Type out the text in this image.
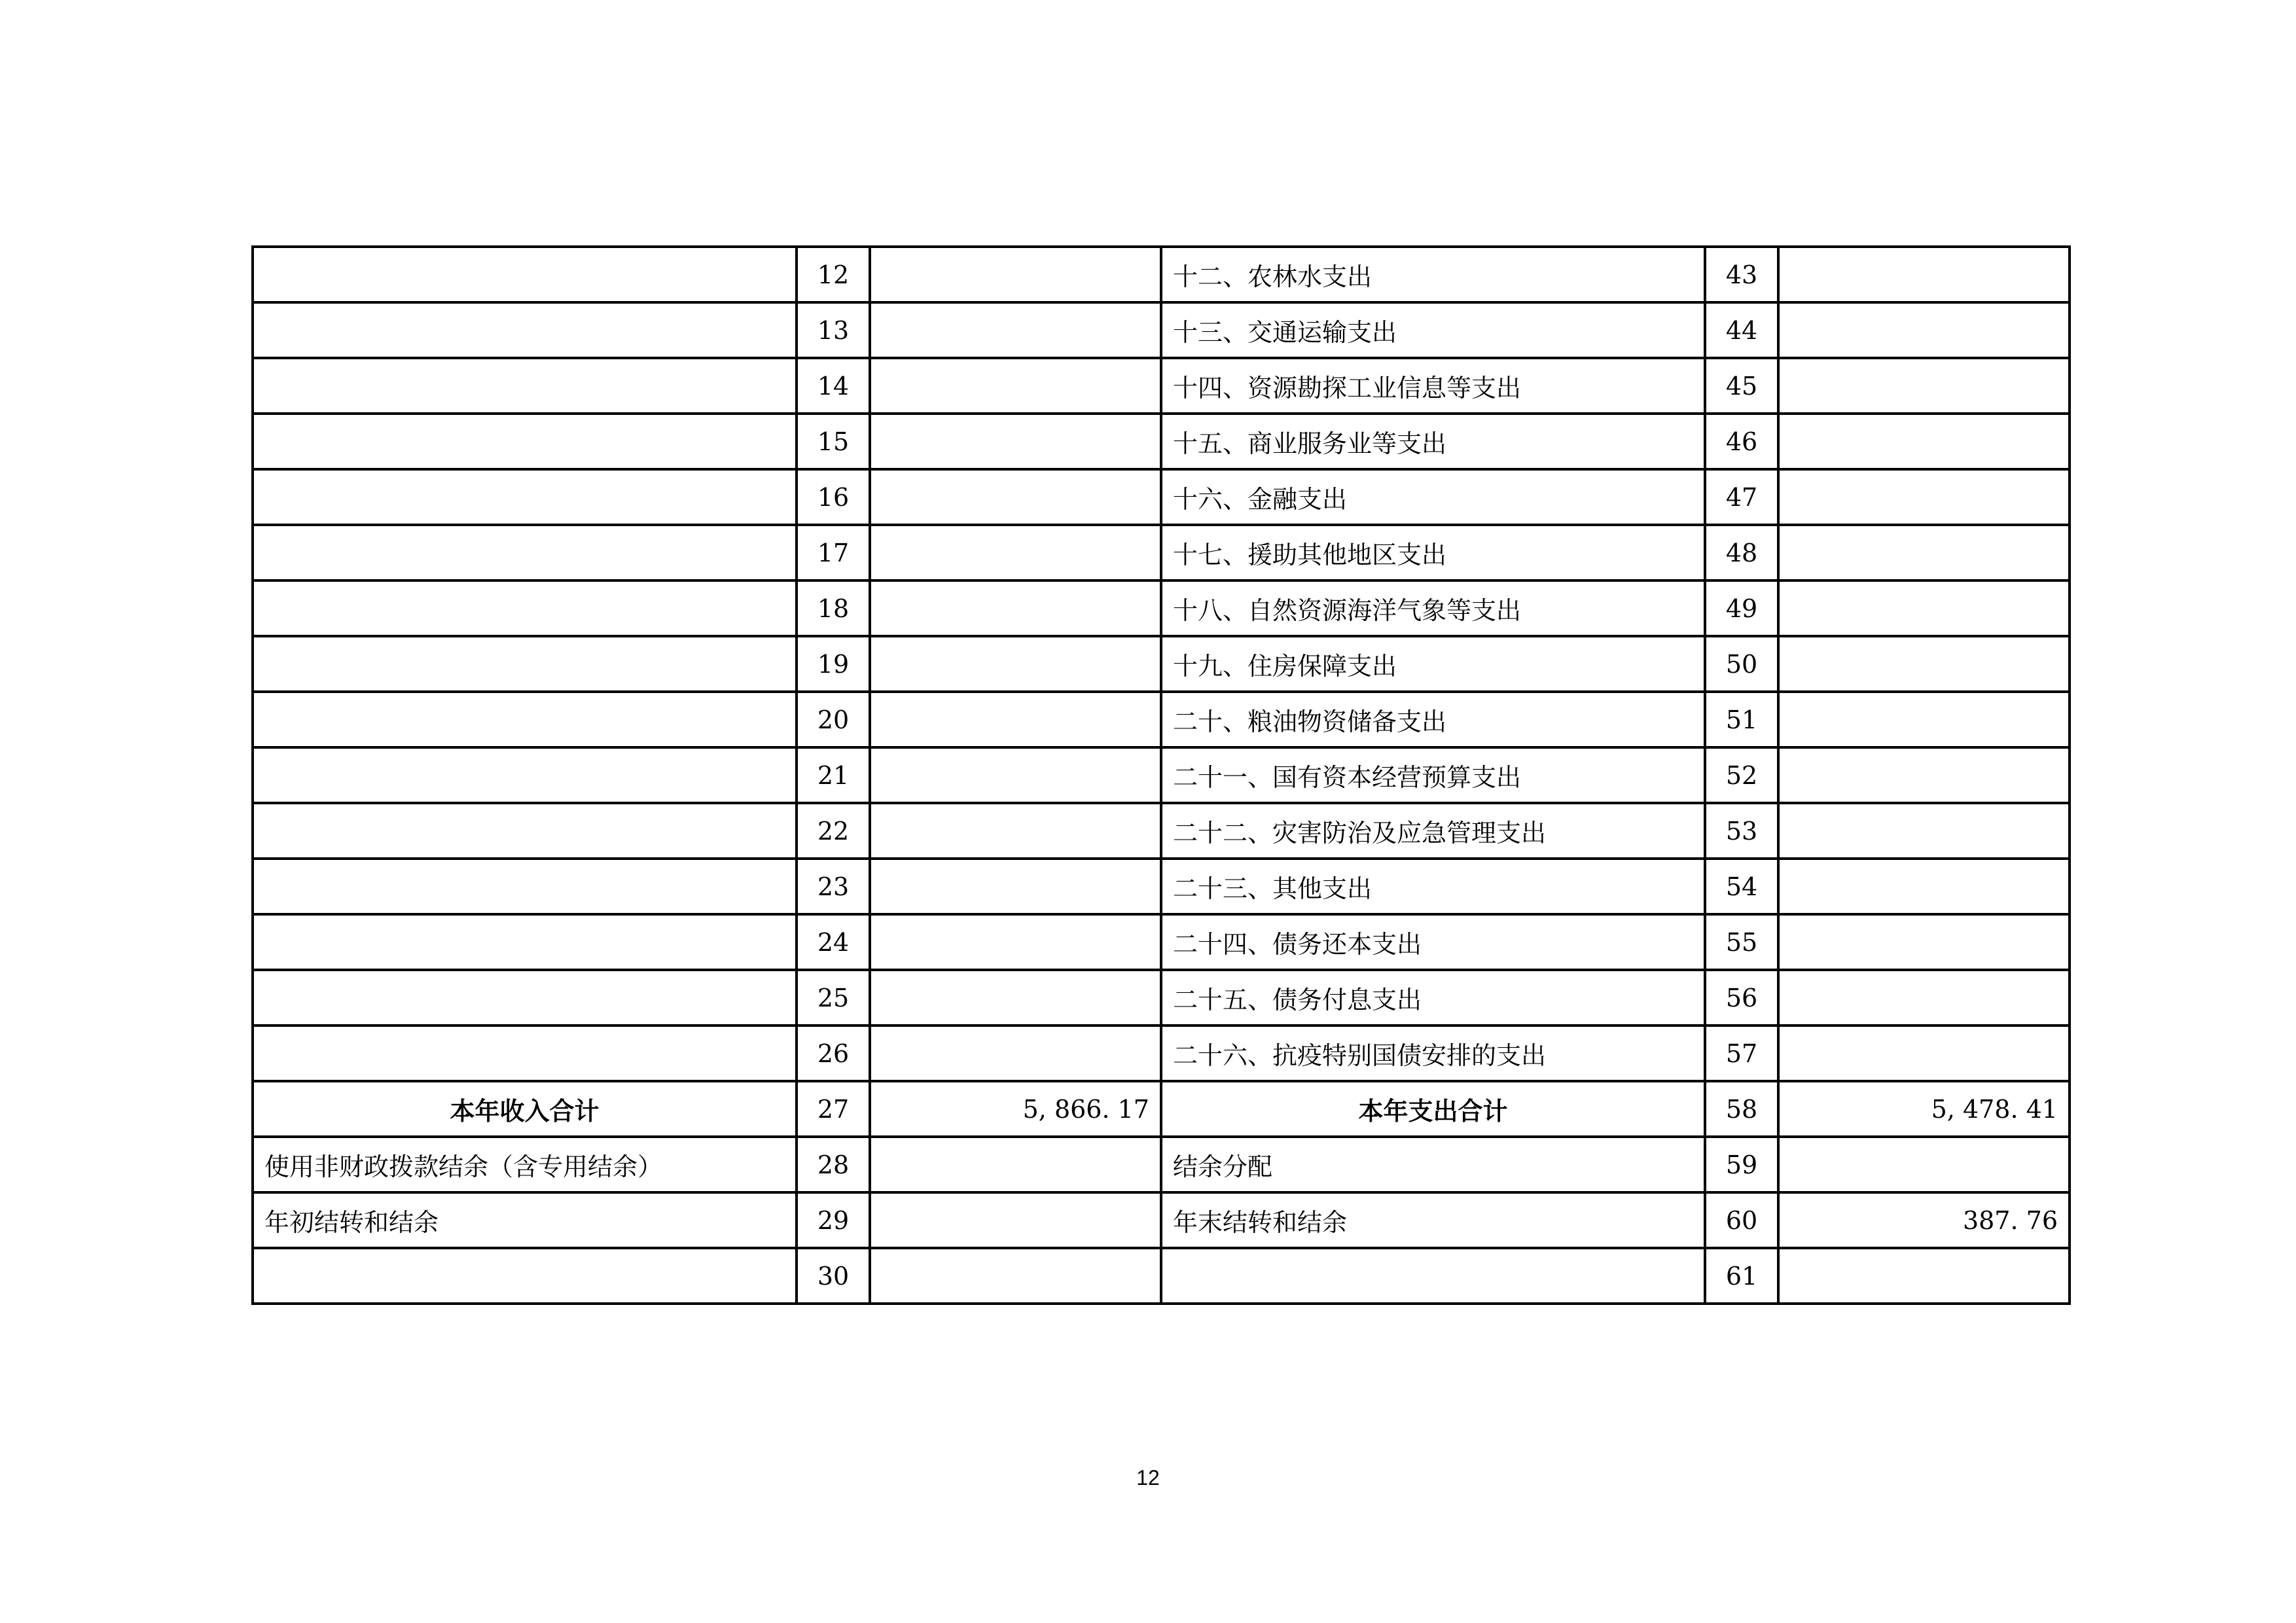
	12		十二、农林水支出	43	
	13		十三、交通运输支出	44	
	14		十四、资源勘探工业信息等支出	45	
	15		十五、商业服务业等支出	46	
	16		十六、金融支出	47	
	17		十七、援助其他地区支出	48	
	18		十八、自然资源海洋气象等支出	49	
	19		十九、住房保障支出	50	
	20		二十、粮油物资储备支出	51	
	21		二十一、国有资本经营预算支出	52	
	22		二十二、灾害防治及应急管理支出	53	
	23		二十三、其他支出	54	
	24		二十四、债务还本支出	55	
	25		二十五、债务付息支出	56	
	26		二十六、抗疫特别国债安排的支出	57	
本年收入合计	27	5, 866. 17	本年支出合计	58	5, 478. 41
使用非财政拨款结余（含专用结余）	28		结余分配	59	
年初结转和结余	29		年末结转和结余	60	387. 76
	30			61	
12
